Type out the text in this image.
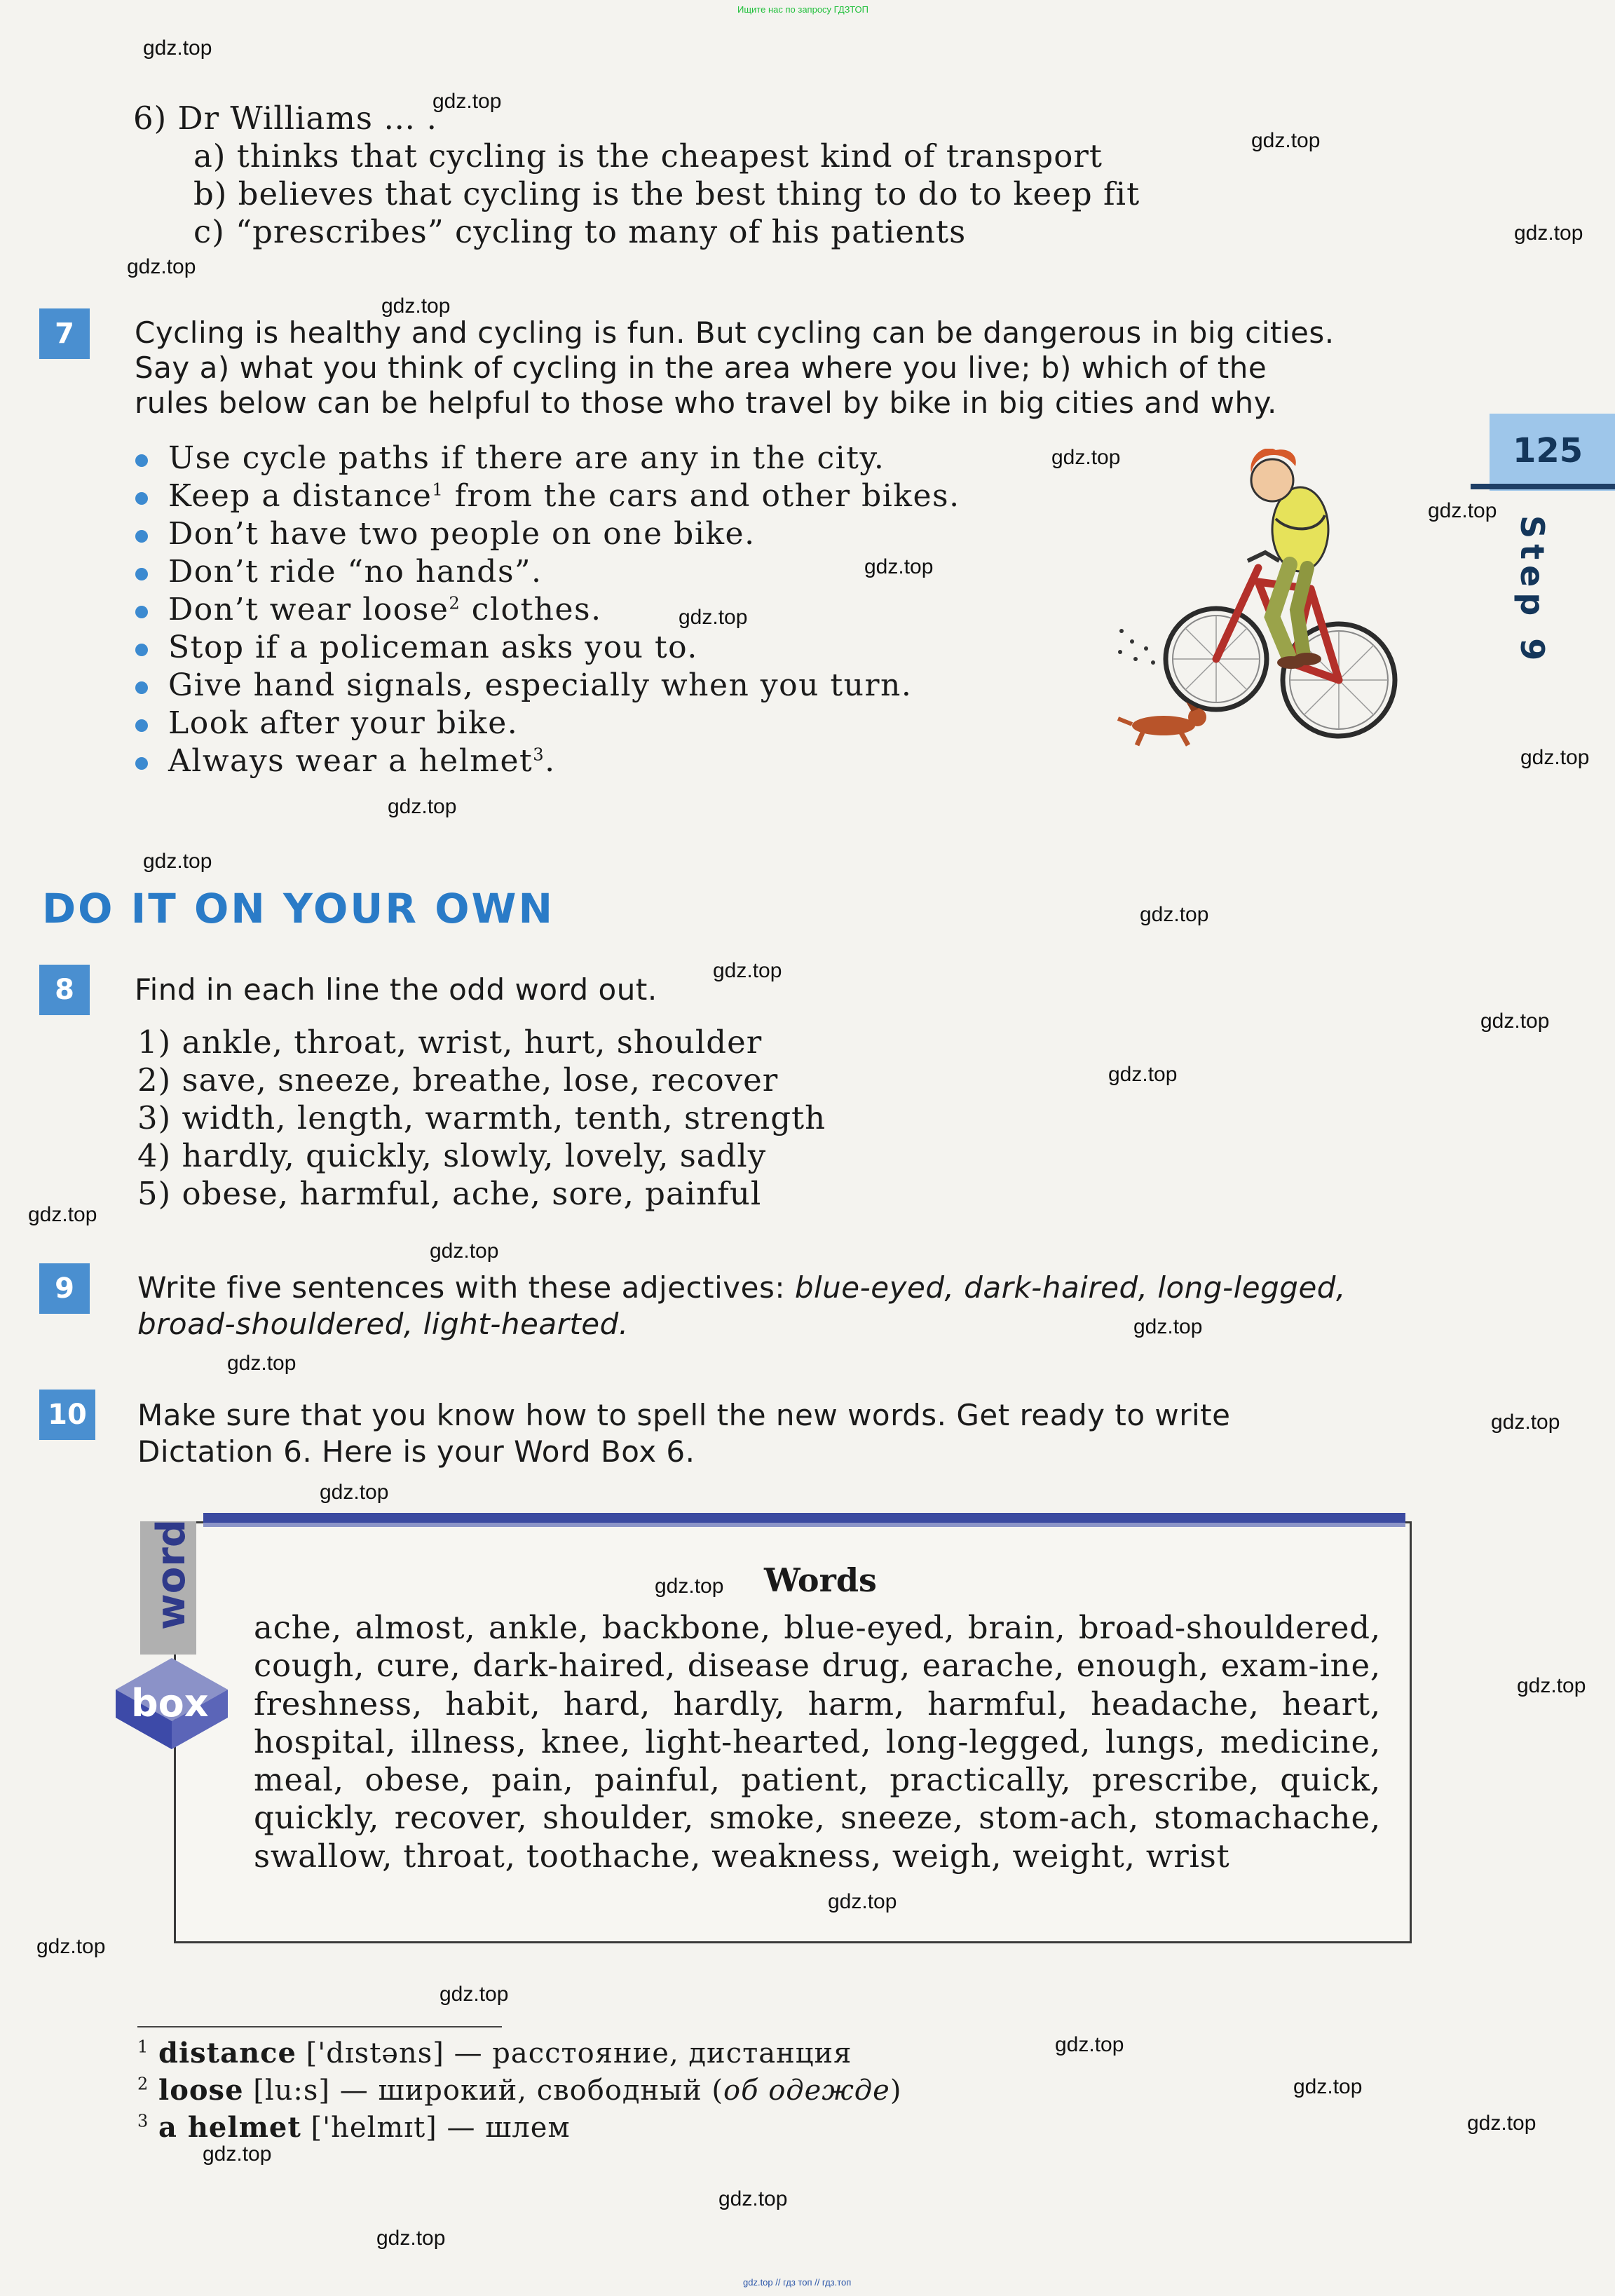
Ищите нас по запросу ГДЗТОП
gdz.top // гдз топ // гдз.топ
6) Dr Williams … .
a) thinks that cycling is the cheapest kind of transport
b) believes that cycling is the best thing to do to keep fit
c) “prescribes” cycling to many of his patients
7	Cycling is healthy and cycling is fun. But cycling can be dangerous in big cities.
Say a) what you think of cycling in the area where you live; b) which of the
rules below can be helpful to those who travel by bike in big cities and why.
Use cycle paths if there are any in the city.
Keep a distance$^1$ from the cars and other bikes.
Don’t have two people on one bike.
Don’t ride “no hands”.
Don’t wear loose$^2$ clothes.
Stop if a policeman asks you to.
Give hand signals, especially when you turn.
Look after your bike.
Always wear a helmet$^3$.
125
Step 9
DO IT ON YOUR OWN
8	Find in each line the odd word out.
1) ankle, throat, wrist, hurt, shoulder
2) save, sneeze, breathe, lose, recover
3) width, length, warmth, tenth, strength
4) hardly, quickly, slowly, lovely, sadly
5) obese, harmful, ache, sore, painful
9	Write five sentences with these adjectives: blue-eyed, dark-haired, long-legged,
broad-shouldered, light-hearted.
10 Make sure that you know how to spell the new words. Get ready to write
Dictation 6. Here is your Word Box 6.
word
box
Words
ache, almost, ankle, backbone, blue-eyed, brain, broad-shouldered, cough, cure, dark-haired, disease drug, earache, enough, exam-ine, freshness, habit, hard, hardly, harm, harmful, headache, heart, hospital, illness, knee, light-hearted, long-legged, lungs, medicine, meal, obese, pain, painful, patient, practically, prescribe, quick, quickly, recover, shoulder, smoke, sneeze, stom-ach, stomachache, swallow, throat, toothache, weakness, weigh, weight, wrist
$^1$ distance ['dɪstəns] — расстояние, дистанция
$^2$ loose [lu:s] — широкий, свободный (об одежде)
$^3$ a helmet ['helmɪt] — шлем
gdz.top
gdz.top
gdz.top
gdz.top
gdz.top
gdz.top
gdz.top
gdz.top
gdz.top
gdz.top
gdz.top
gdz.top
gdz.top
gdz.top
gdz.top
gdz.top
gdz.top
gdz.top
gdz.top
gdz.top
gdz.top
gdz.top
gdz.top
gdz.top
gdz.top
gdz.top
gdz.top
gdz.top
gdz.top
gdz.top
gdz.top
gdz.top
gdz.top
gdz.top
